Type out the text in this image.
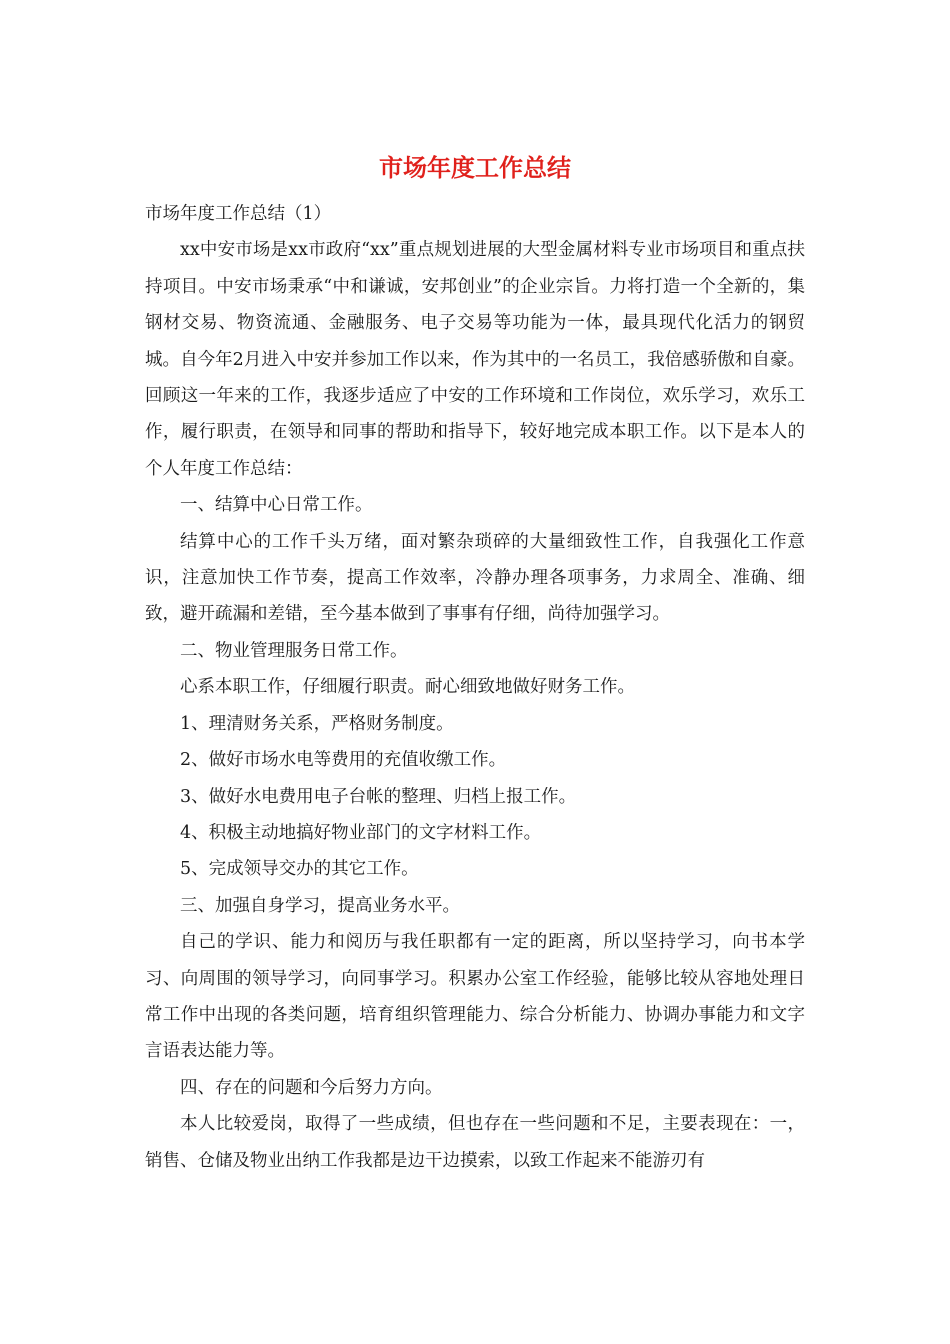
市场年度工作总结

市场年度工作总结（1）

xx中安市场是xx市政府“xx”重点规划进展的大型金属材料专业市场项目和重点扶持项目。中安市场秉承“中和谦诚，安邦创业”的企业宗旨。力将打造一个全新的，集钢材交易、物资流通、金融服务、电子交易等功能为一体，最具现代化活力的钢贸城。自今年2月进入中安并参加工作以来，作为其中的一名员工，我倍感骄傲和自豪。回顾这一年来的工作，我逐步适应了中安的工作环境和工作岗位，欢乐学习，欢乐工作，履行职责，在领导和同事的帮助和指导下，较好地完成本职工作。以下是本人的个人年度工作总结：

一、结算中心日常工作。

结算中心的工作千头万绪，面对繁杂琐碎的大量细致性工作，自我强化工作意识，注意加快工作节奏，提高工作效率，冷静办理各项事务，力求周全、准确、细致，避开疏漏和差错，至今基本做到了事事有仔细，尚待加强学习。

二、物业管理服务日常工作。

心系本职工作，仔细履行职责。耐心细致地做好财务工作。

1、理清财务关系，严格财务制度。

2、做好市场水电等费用的充值收缴工作。

3、做好水电费用电子台帐的整理、归档上报工作。

4、积极主动地搞好物业部门的文字材料工作。

5、完成领导交办的其它工作。

三、加强自身学习，提高业务水平。

自己的学识、能力和阅历与我任职都有一定的距离，所以坚持学习，向书本学习、向周围的领导学习，向同事学习。积累办公室工作经验，能够比较从容地处理日常工作中出现的各类问题，培育组织管理能力、综合分析能力、协调办事能力和文字言语表达能力等。

四、存在的问题和今后努力方向。

本人比较爱岗，取得了一些成绩，但也存在一些问题和不足，主要表现在：一，销售、仓储及物业出纳工作我都是边干边摸索，以致工作起来不能游刃有
